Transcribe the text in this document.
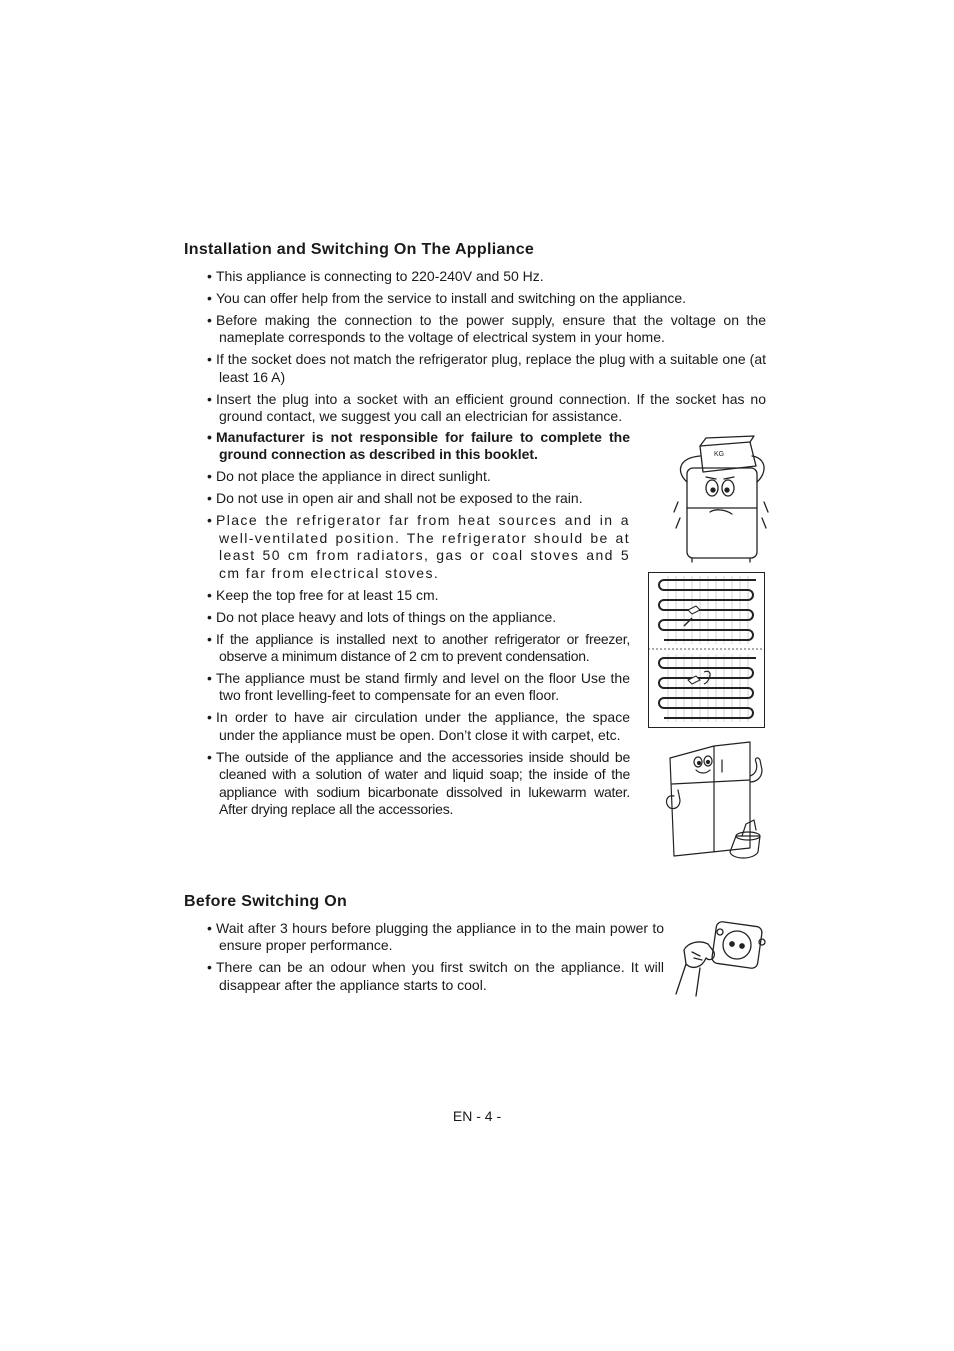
Installation and Switching On The Appliance
• This appliance is connecting to 220-240V and 50 Hz.
• You can offer help from the service to install and switching on the appliance.
• Before making the connection to the power supply, ensure that the voltage on the nameplate corresponds to the voltage of electrical system in your home.
• If the socket does not match the refrigerator plug, replace the plug with a suitable one (at least 16 A)
• Insert the plug into a socket with an efficient ground connection. If the socket has no ground contact, we suggest you call an electrician for assistance.
• Manufacturer is not responsible for failure to complete the ground connection as described in this booklet.
• Do not place the appliance in direct sunlight.
• Do not use in open air and shall not be exposed to the rain.
• Place the refrigerator far from heat sources and in a well-ventilated position. The refrigerator should be at least 50 cm from radiators, gas or coal stoves and 5 cm far from electrical stoves.
• Keep the top free for at least 15 cm.
• Do not place heavy and lots of things on the appliance.
• If the appliance is installed next to another refrigerator or freezer, observe a minimum distance of 2 cm to prevent condensation.
• The appliance must be stand firmly and level on the floor Use the two front levelling-feet to compensate for an even floor.
• In order to have air circulation under the appliance, the space under the appliance must be open. Don’t close it with carpet, etc.
• The outside of the appliance and the accessories inside should be cleaned with a solution of water and liquid soap; the inside of the appliance with sodium bicarbonate dissolved in lukewarm water. After drying replace all the accessories.
KG
Before Switching On
• Wait after 3 hours before plugging the appliance in to the main power to ensure proper performance.
• There can be an odour when you first switch on the appliance. It will disappear after the appliance starts to cool.
EN - 4 -
